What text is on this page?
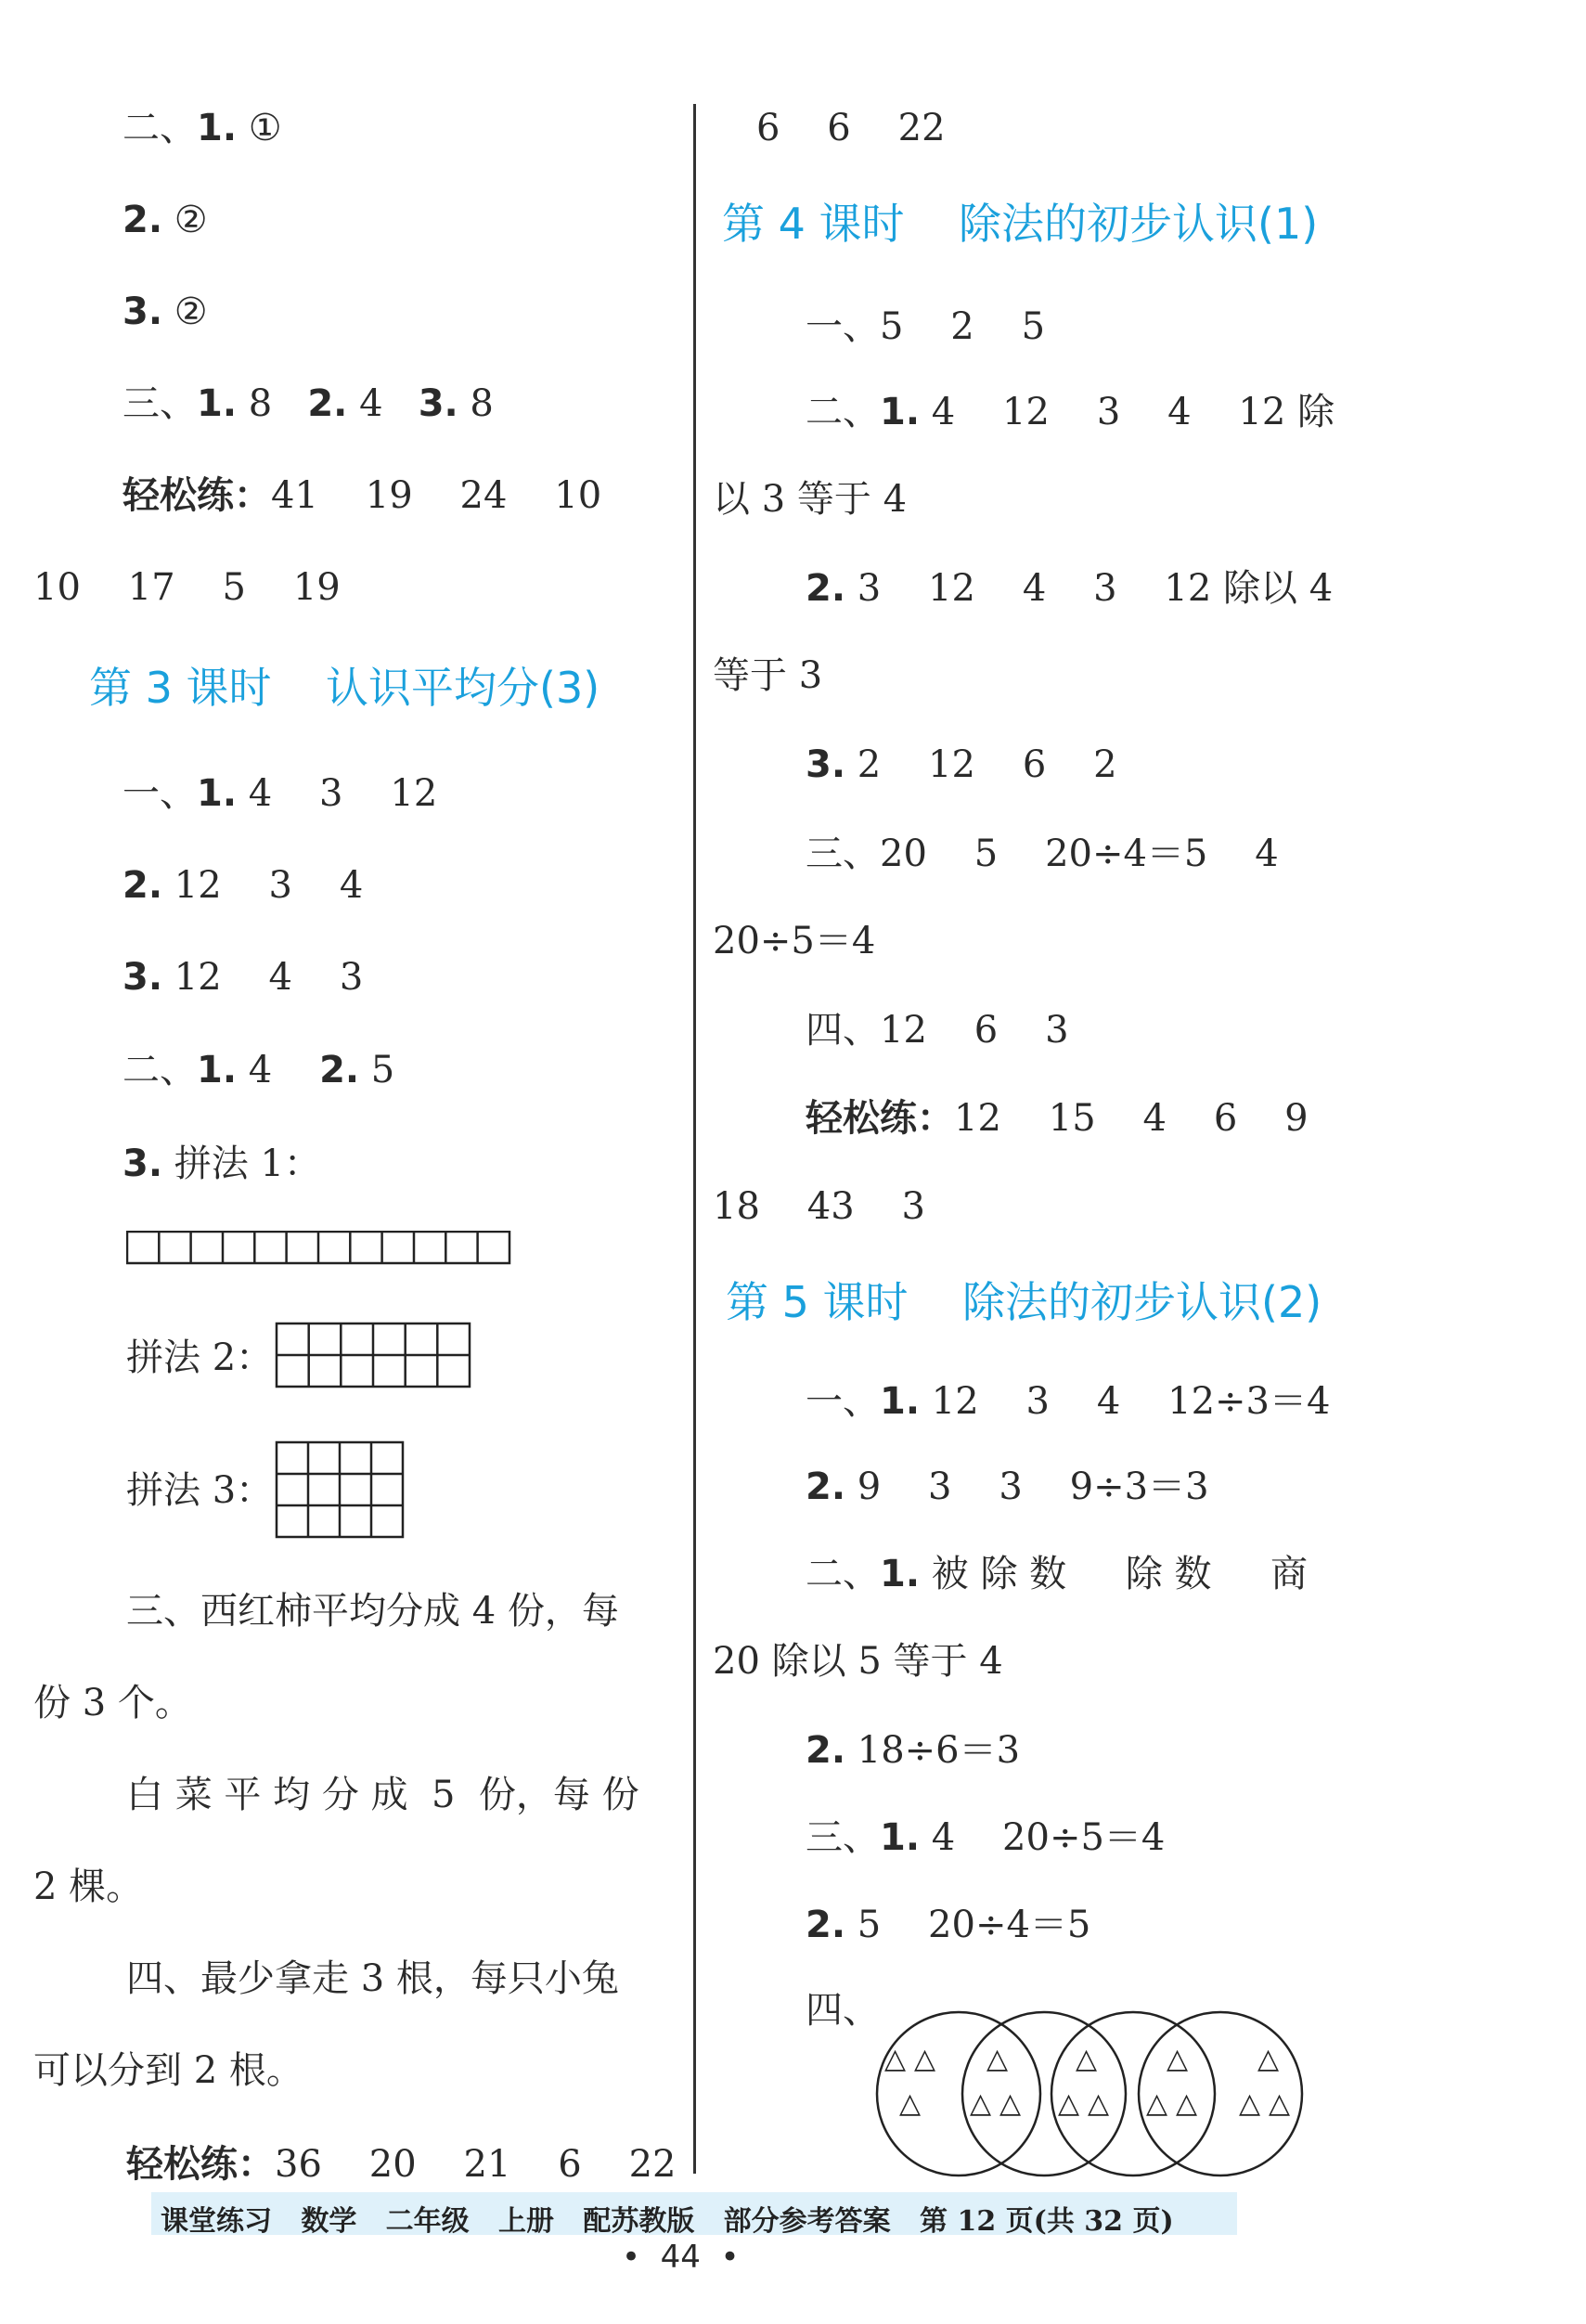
二、1. ①
2. ②
3. ②
三、1. 8   2. 4   3. 8
轻松练：41    19    24    10
10    17    5    19
第 3 课时    认识平均分(3)
一、1. 4    3    12
2. 12    3    4
3. 12    4    3
二、1. 4    2. 5
3. 拼法 1：
拼法 2：
拼法 3：
三、西红柿平均分成 4 份，每
份 3 个。
白 菜 平 均 分 成  5  份，每 份
2 棵。
四、最少拿走 3 根，每只小兔
可以分到 2 根。
轻松练：36    20    21    6    22
6    6    22
第 4 课时    除法的初步认识(1)
一、5    2    5
二、1. 4    12    3    4    12 除
以 3 等于 4
2. 3    12    4    3    12 除以 4
等于 3
3. 2    12    6    2
三、20    5    20÷4＝5    4
20÷5＝4
四、12    6    3
轻松练：12    15    4    6    9
18    43    3
第 5 课时    除法的初步认识(2)
一、1. 12    3    4    12÷3＝4
2. 9    3    3    9÷3＝3
二、1. 被 除 数     除 数     商
20 除以 5 等于 4
2. 18÷6＝3
三、1. 4    20÷5＝4
2. 5    20÷4＝5
四、
△ △
△
△
△ △
△
△ △
△
△ △
△
△ △
课堂练习   数学   二年级   上册   配苏教版   部分参考答案   第 12 页(共 32 页)
•  44  •
